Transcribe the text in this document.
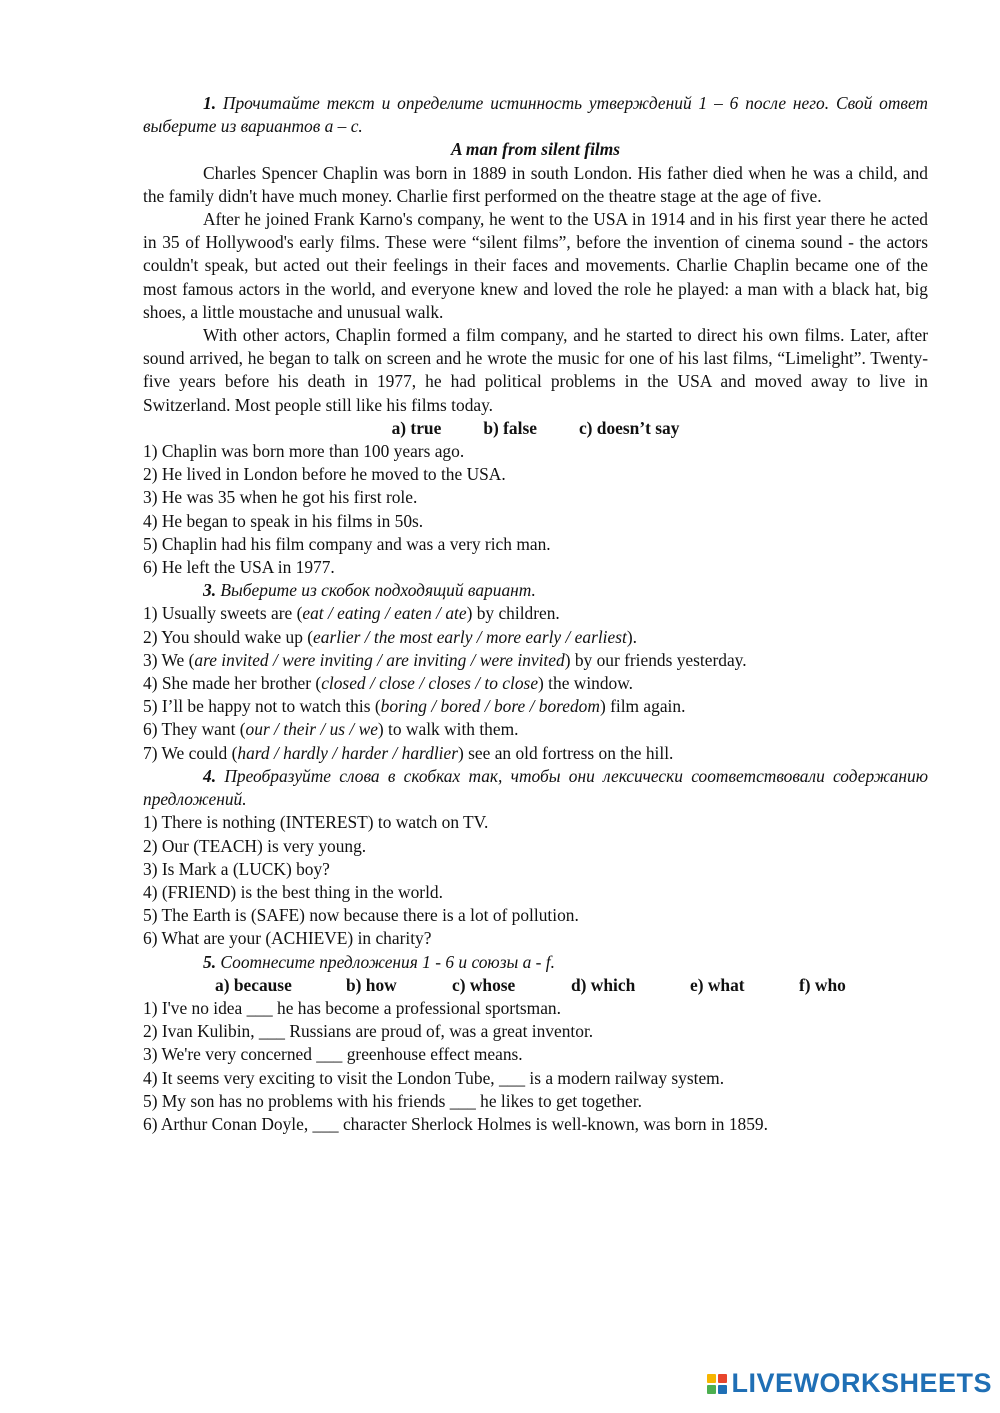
1. Прочитайте текст и определите истинность утверждений 1 – 6 после него. Свой ответ выберите из вариантов а – с.
A man from silent films
Charles Spencer Chaplin was born in 1889 in south London. His father died when he was a child, and the family didn't have much money. Charlie first performed on the theatre stage at the age of five.
After he joined Frank Karno's company, he went to the USA in 1914 and in his first year there he acted in 35 of Hollywood's early films. These were “silent films”, before the invention of cinema sound - the actors couldn't speak, but acted out their feelings in their faces and movements. Charlie Chaplin became one of the most famous actors in the world, and everyone knew and loved the role he played: a man with a black hat, big shoes, a little moustache and unusual walk.
With other actors, Chaplin formed a film company, and he started to direct his own films. Later, after sound arrived, he began to talk on screen and he wrote the music for one of his last films, “Limelight”. Twenty-five years before his death in 1977, he had political problems in the USA and moved away to live in Switzerland. Most people still like his films today.
a) true b) false c) doesn’t say
1) Chaplin was born more than 100 years ago.
2) He lived in London before he moved to the USA.
3) He was 35 when he got his first role.
4) He began to speak in his films in 50s.
5) Chaplin had his film company and was a very rich man.
6) He left the USA in 1977.
3. Выберите из скобок подходящий вариант.
1) Usually sweets are (eat / eating / eaten / ate) by children.
2) You should wake up (earlier / the most early / more early / earliest).
3) We (are invited / were inviting / are inviting / were invited) by our friends yesterday.
4) She made her brother (closed / close / closes / to close) the window.
5) I’ll be happy not to watch this (boring / bored / bore / boredom) film again.
6) They want (our / their / us / we) to walk with them.
7) We could (hard / hardly / harder / hardlier) see an old fortress on the hill.
4. Преобразуйте слова в скобках так, чтобы они лексически соответствовали содержанию предложений.
1) There is nothing (INTEREST) to watch on TV.
2) Our (TEACH) is very young.
3) Is Mark a (LUCK) boy?
4) (FRIEND) is the best thing in the world.
5) The Earth is (SAFE) now because there is a lot of pollution.
6) What are your (ACHIEVE) in charity?
5. Соотнесите предложения 1 - 6 и союзы a - f.
a) because	b) how	c) whose	d) which	e) what	f) who
1) I've no idea ___ he has become a professional sportsman.
2) Ivan Kulibin, ___ Russians are proud of, was a great inventor.
3) We're very concerned ___ greenhouse effect means.
4) It seems very exciting to visit the London Tube, ___ is a modern railway system.
5) My son has no problems with his friends ___ he likes to get together.
6) Arthur Conan Doyle, ___ character Sherlock Holmes is well-known, was born in 1859.
LIVEWORKSHEETS
